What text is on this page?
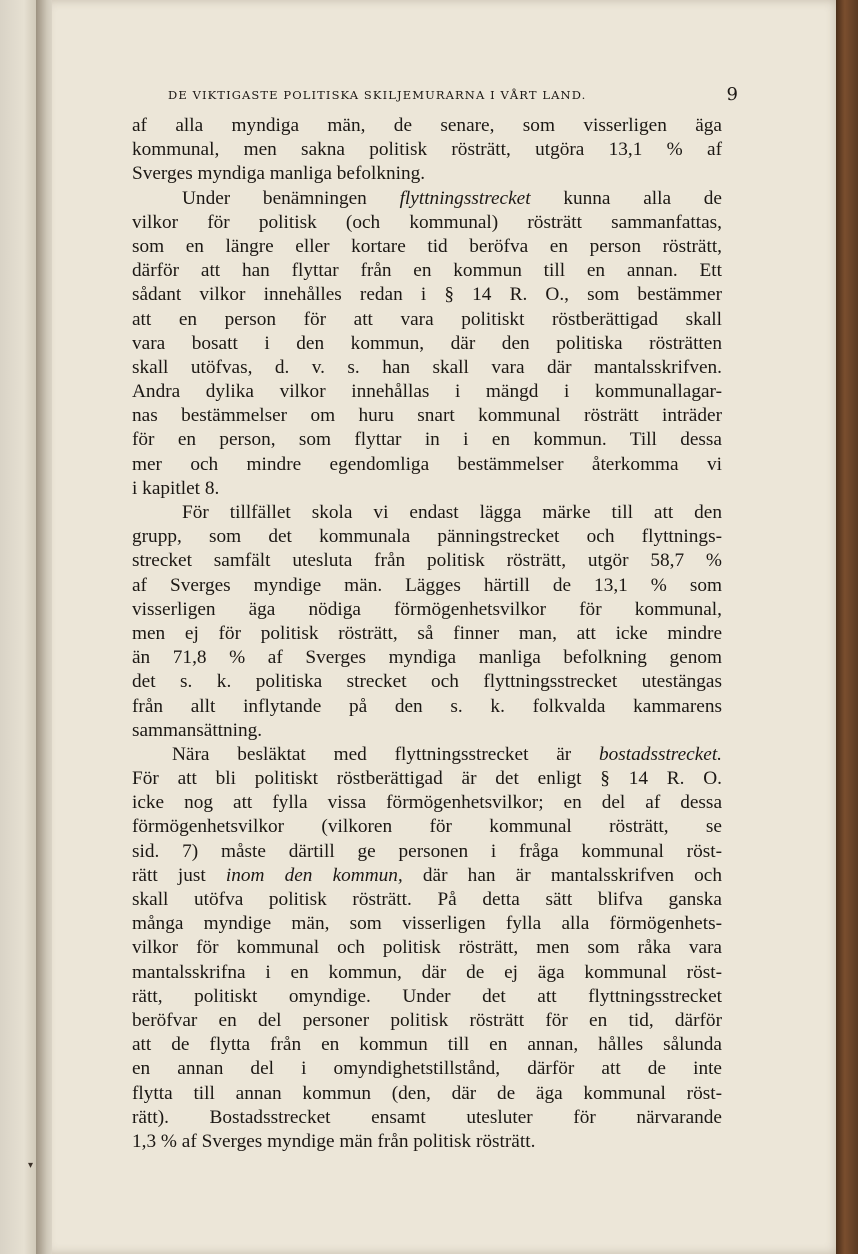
DE VIKTIGASTE POLITISKA SKILJEMURARNA I VÅRT LAND.	9
af alla myndiga män, de senare, som visserligen äga
kommunal, men sakna politisk rösträtt, utgöra 13,1 % af
Sverges myndiga manliga befolkning.
Under benämningen flyttningsstrecket kunna alla de
vilkor för politisk (och kommunal) rösträtt sammanfattas,
som en längre eller kortare tid beröfva en person rösträtt,
därför att han flyttar från en kommun till en annan. Ett
sådant vilkor innehålles redan i § 14 R. O., som bestämmer
att en person för att vara politiskt röstberättigad skall
vara bosatt i den kommun, där den politiska rösträtten
skall utöfvas, d. v. s. han skall vara där mantalsskrifven.
Andra dylika vilkor innehållas i mängd i kommunallagar-
nas bestämmelser om huru snart kommunal rösträtt inträder
för en person, som flyttar in i en kommun. Till dessa
mer och mindre egendomliga bestämmelser återkomma vi
i kapitlet 8.
För tillfället skola vi endast lägga märke till att den
grupp, som det kommunala pänningstrecket och flyttnings-
strecket samfält utesluta från politisk rösträtt, utgör 58,7 %
af Sverges myndige män. Lägges härtill de 13,1 % som
visserligen äga nödiga förmögenhetsvilkor för kommunal,
men ej för politisk rösträtt, så finner man, att icke mindre
än 71,8 % af Sverges myndiga manliga befolkning genom
det s. k. politiska strecket och flyttningsstrecket utestängas
från allt inflytande på den s. k. folkvalda kammarens
sammansättning.
Nära besläktat med flyttningsstrecket är bostadsstrecket.
För att bli politiskt röstberättigad är det enligt § 14 R. O.
icke nog att fylla vissa förmögenhetsvilkor; en del af dessa
förmögenhetsvilkor (vilkoren för kommunal rösträtt, se
sid. 7) måste därtill ge personen i fråga kommunal röst-
rätt just inom den kommun, där han är mantalsskrifven och
skall utöfva politisk rösträtt. På detta sätt blifva ganska
många myndige män, som visserligen fylla alla förmögenhets-
vilkor för kommunal och politisk rösträtt, men som råka vara
mantalsskrifna i en kommun, där de ej äga kommunal röst-
rätt, politiskt omyndige. Under det att flyttningsstrecket
beröfvar en del personer politisk rösträtt för en tid, därför
att de flytta från en kommun till en annan, hålles sålunda
en annan del i omyndighetstillstånd, därför att de inte
flytta till annan kommun (den, där de äga kommunal röst-
rätt). Bostadsstrecket ensamt utesluter för närvarande
1,3 % af Sverges myndige män från politisk rösträtt.
▾
